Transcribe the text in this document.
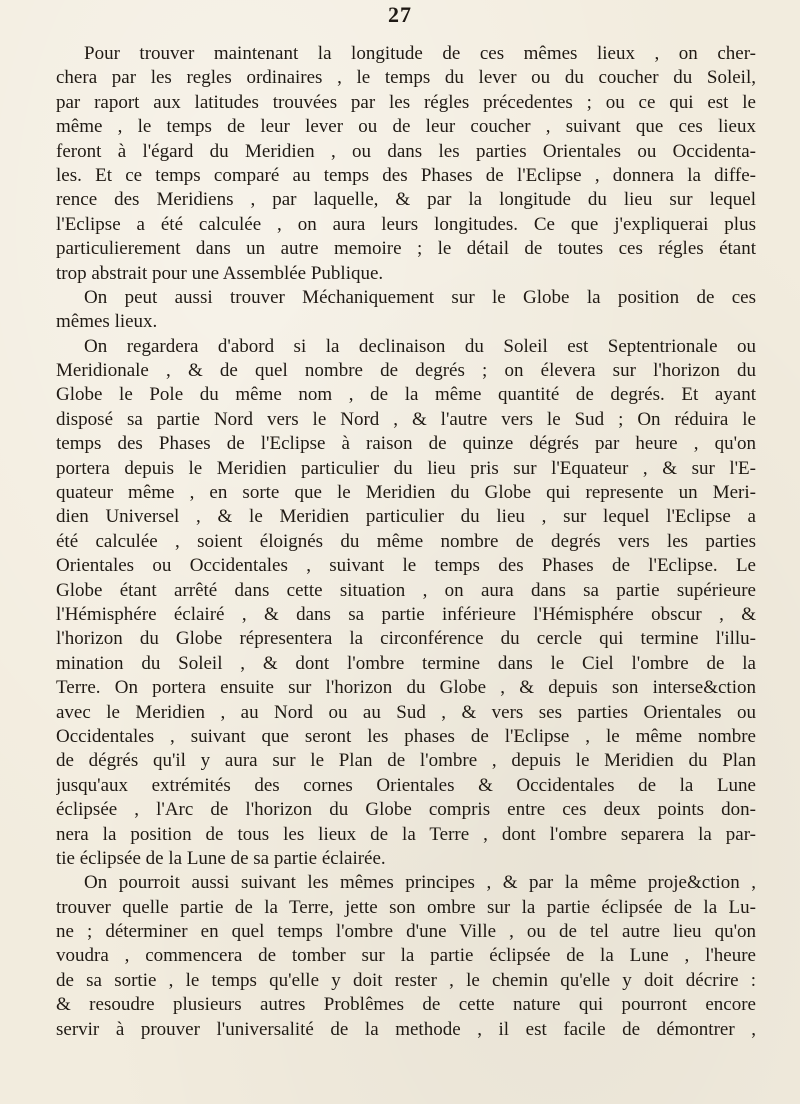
27
Pour trouver maintenant la longitude de ces mêmes lieux , on cher-
chera par les regles ordinaires , le temps du lever ou du coucher du Soleil,
par raport aux latitudes trouvées par les régles précedentes ; ou ce qui est le
même , le temps de leur lever ou de leur coucher , suivant que ces lieux
feront à l'égard du Meridien , ou dans les parties Orientales ou Occidenta-
les. Et ce temps comparé au temps des Phases de l'Eclipse , donnera la diffe-
rence des Meridiens , par laquelle, & par la longitude du lieu sur lequel
l'Eclipse a été calculée , on aura leurs longitudes. Ce que j'expliquerai plus
particulierement dans un autre memoire ; le détail de toutes ces régles étant
trop abstrait pour une Assemblée Publique.
On peut aussi trouver Méchaniquement sur le Globe la position de ces
mêmes lieux.
On regardera d'abord si la declinaison du Soleil est Septentrionale ou
Meridionale , & de quel nombre de degrés ; on élevera sur l'horizon du
Globe le Pole du même nom , de la même quantité de degrés. Et ayant
disposé sa partie Nord vers le Nord , & l'autre vers le Sud ; On réduira le
temps des Phases de l'Eclipse à raison de quinze dégrés par heure , qu'on
portera depuis le Meridien particulier du lieu pris sur l'Equateur , & sur l'E-
quateur même , en sorte que le Meridien du Globe qui represente un Meri-
dien Universel , & le Meridien particulier du lieu , sur lequel l'Eclipse a
été calculée , soient éloignés du même nombre de degrés vers les parties
Orientales ou Occidentales , suivant le temps des Phases de l'Eclipse. Le
Globe étant arrêté dans cette situation , on aura dans sa partie supérieure
l'Hémisphére éclairé , & dans sa partie inférieure l'Hémisphére obscur , &
l'horizon du Globe répresentera la circonférence du cercle qui termine l'illu-
mination du Soleil , & dont l'ombre termine dans le Ciel l'ombre de la
Terre. On portera ensuite sur l'horizon du Globe , & depuis son interse&ction
avec le Meridien , au Nord ou au Sud , & vers ses parties Orientales ou
Occidentales , suivant que seront les phases de l'Eclipse , le même nombre
de dégrés qu'il y aura sur le Plan de l'ombre , depuis le Meridien du Plan
jusqu'aux extrémités des cornes Orientales & Occidentales de la Lune
éclipsée , l'Arc de l'horizon du Globe compris entre ces deux points don-
nera la position de tous les lieux de la Terre , dont l'ombre separera la par-
tie éclipsée de la Lune de sa partie éclairée.
On pourroit aussi suivant les mêmes principes , & par la même proje&ction ,
trouver quelle partie de la Terre, jette son ombre sur la partie éclipsée de la Lu-
ne ; déterminer en quel temps l'ombre d'une Ville , ou de tel autre lieu qu'on
voudra , commencera de tomber sur la partie éclipsée de la Lune , l'heure
de sa sortie , le temps qu'elle y doit rester , le chemin qu'elle y doit décrire :
& resoudre plusieurs autres Problêmes de cette nature qui pourront encore
servir à prouver l'universalité de la methode , il est facile de démontrer ,
